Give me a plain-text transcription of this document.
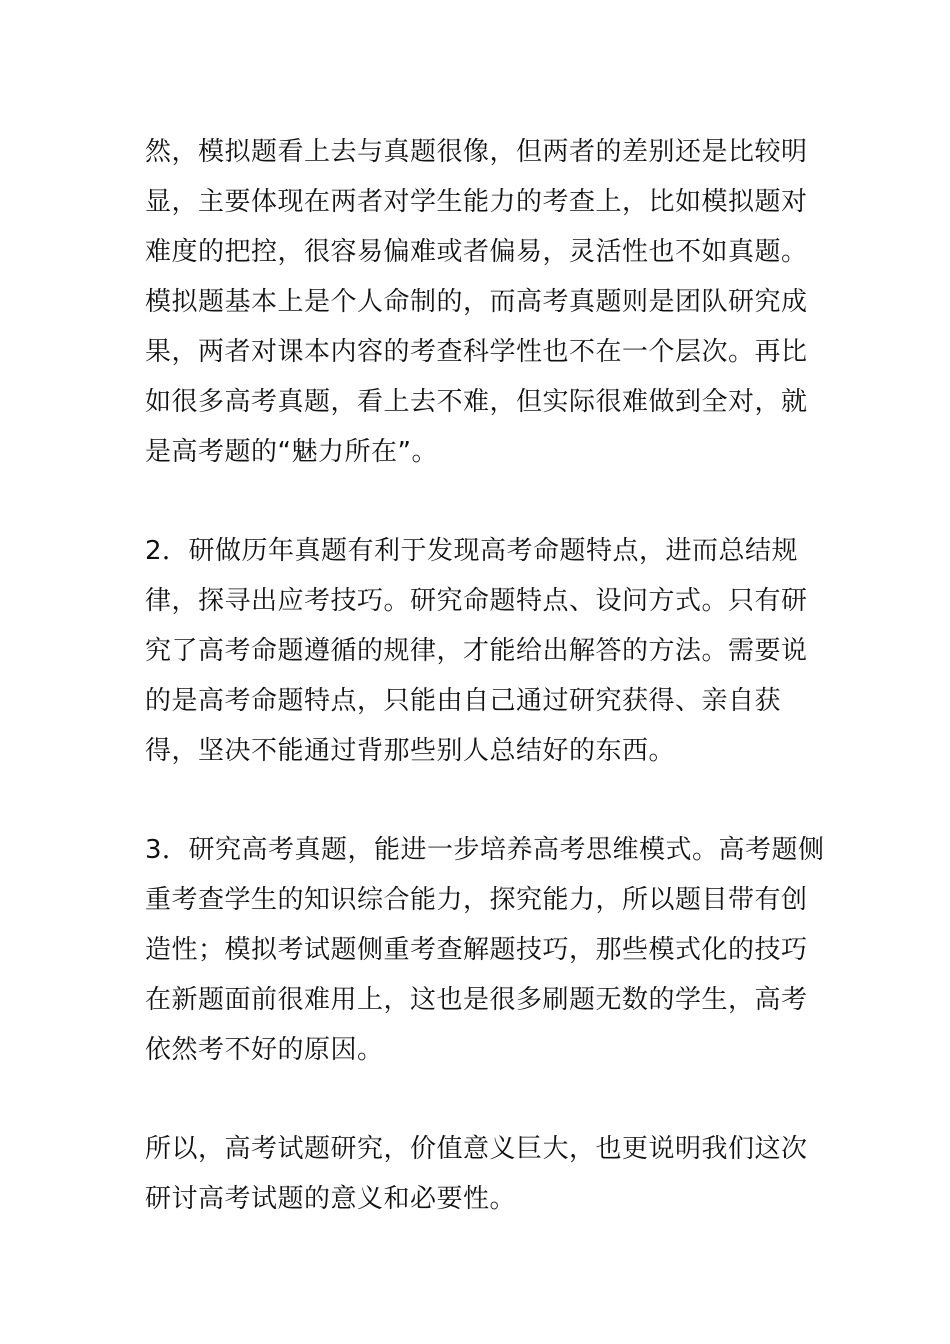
然，模拟题看上去与真题很像，但两者的差别还是比较明显，主要体现在两者对学生能力的考查上，比如模拟题对难度的把控，很容易偏难或者偏易，灵活性也不如真题。模拟题基本上是个人命制的，而高考真题则是团队研究成果，两者对课本内容的考查科学性也不在一个层次。再比如很多高考真题，看上去不难，但实际很难做到全对，就是高考题的“魅力所在”。

2．研做历年真题有利于发现高考命题特点，进而总结规律，探寻出应考技巧。研究命题特点、设问方式。只有研究了高考命题遵循的规律，才能给出解答的方法。需要说的是高考命题特点，只能由自己通过研究获得、亲自获得，坚决不能通过背那些别人总结好的东西。

3．研究高考真题，能进一步培养高考思维模式。高考题侧重考查学生的知识综合能力，探究能力，所以题目带有创造性；模拟考试题侧重考查解题技巧，那些模式化的技巧在新题面前很难用上，这也是很多刷题无数的学生，高考依然考不好的原因。

所以，高考试题研究，价值意义巨大，也更说明我们这次研讨高考试题的意义和必要性。
